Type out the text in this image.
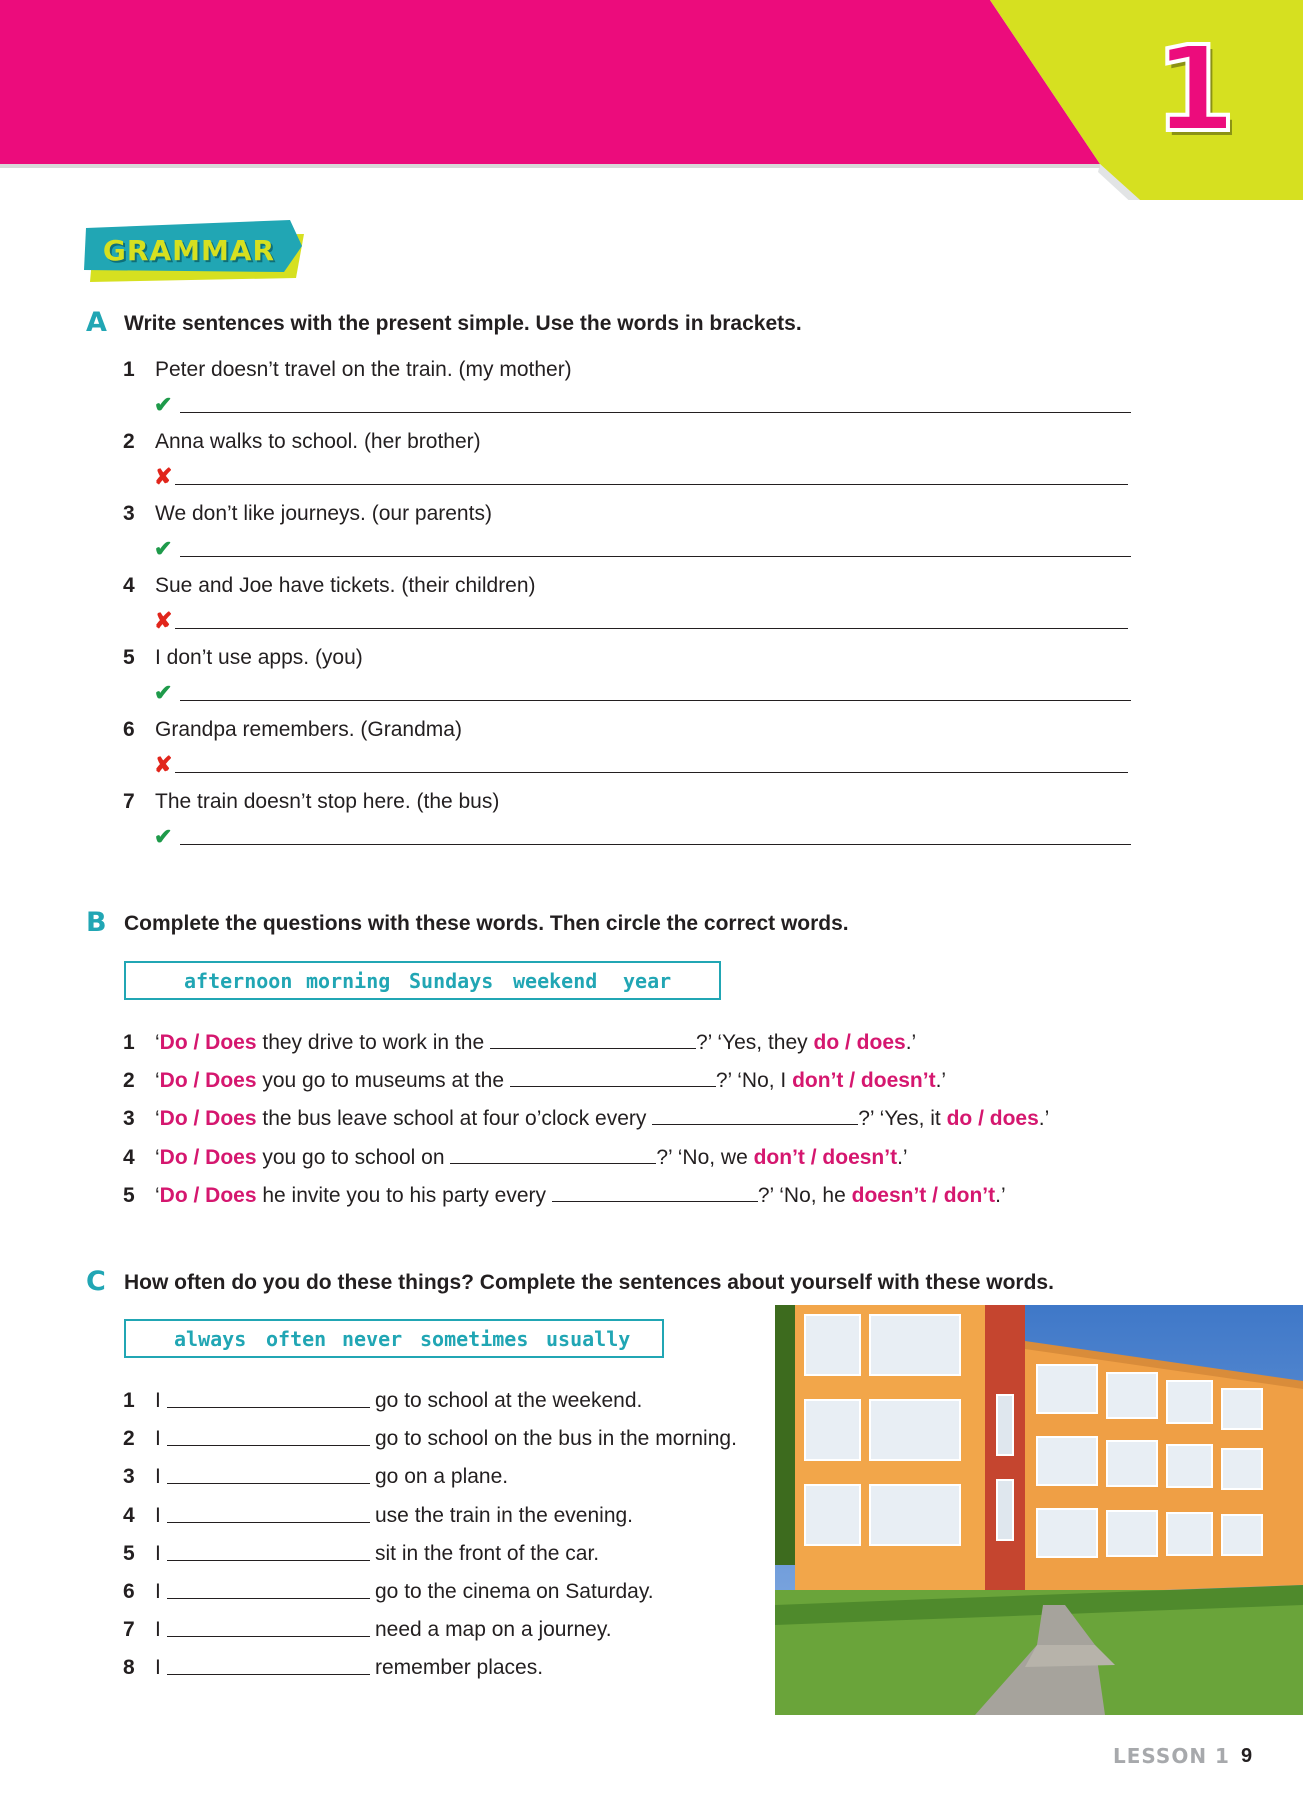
1
GRAMMAR
A Write sentences with the present simple. Use the words in brackets.
1 Peter doesn’t travel on the train. (my mother)
✔
2 Anna walks to school. (her brother)
✘
3 We don’t like journeys. (our parents)
✔
4 Sue and Joe have tickets. (their children)
✘
5 I don’t use apps. (you)
✔
6 Grandpa remembers. (Grandma)
✘
7 The train doesn’t stop here. (the bus)
✔
B Complete the questions with these words. Then circle the correct words.
afternoon morning Sundays weekend year
1 ‘Do / Does they drive to work in the	?’ ‘Yes, they do / does.’
2 ‘Do / Does you go to museums at the	?’ ‘No, I don’t / doesn’t.’
3 ‘Do / Does the bus leave school at four o’clock every	?’ ‘Yes, it do / does.’
4 ‘Do / Does you go to school on	?’ ‘No, we don’t / doesn’t.’
5 ‘Do / Does he invite you to his party every	?’ ‘No, he doesn’t / don’t.’
C How often do you do these things? Complete the sentences about yourself with these words.
always often never sometimes usually
1 I	go to school at the weekend.
2 I	go to school on the bus in the morning.
3 I	go on a plane.
4 I	use the train in the evening.
5 I	sit in the front of the car.
6 I	go to the cinema on Saturday.
7 I	need a map on a journey.
8 I	remember places.
LESSON 1 9
